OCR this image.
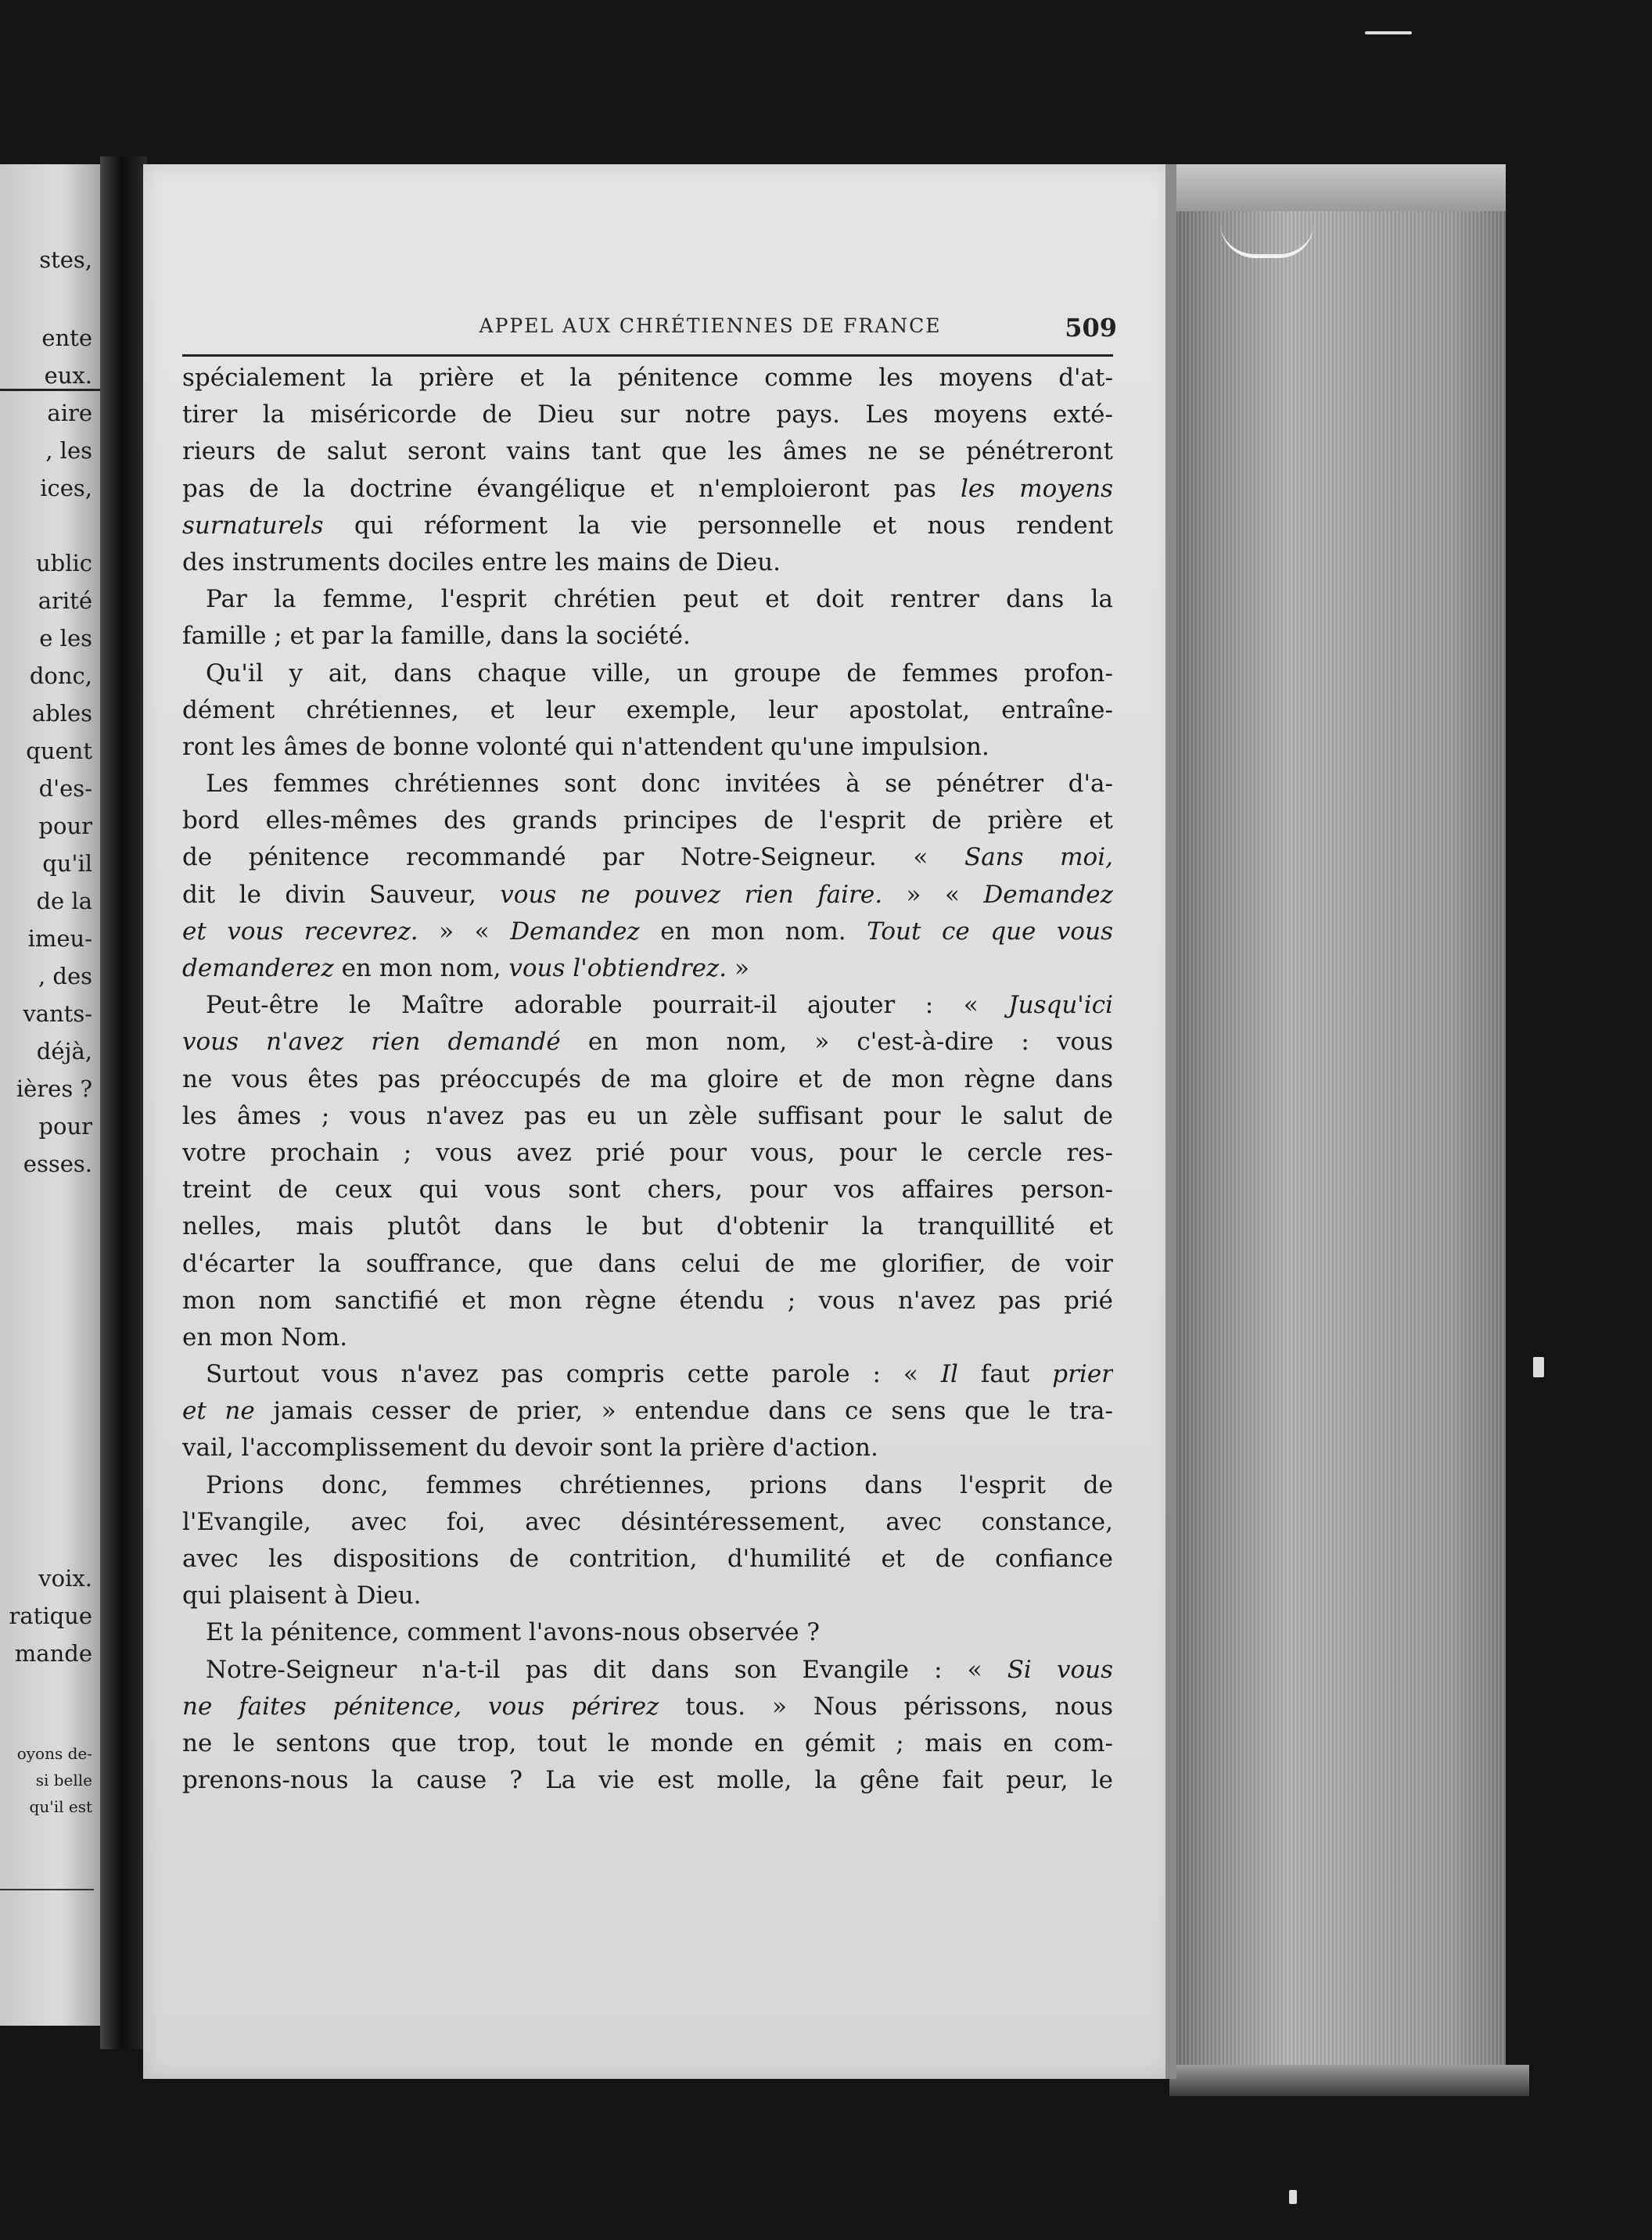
stes,
ente
eux.
aire
, les
ices,
ublic
arité
e les
donc,
ables
quent
d'es-
pour
qu'il
de la
imeu-
, des
vants-
déjà,
ières ?
pour
esses.
voix.
ratique
mande
oyons de-
si belle
qu'il est
APPEL AUX CHRÉTIENNES DE FRANCE	509
spécialement la prière et la pénitence comme les moyens d'at-
tirer la miséricorde de Dieu sur notre pays. Les moyens exté-
rieurs de salut seront vains tant que les âmes ne se pénétreront
pas de la doctrine évangélique et n'emploieront pas les moyens
surnaturels qui réforment la vie personnelle et nous rendent
des instruments dociles entre les mains de Dieu.
Par la femme, l'esprit chrétien peut et doit rentrer dans la
famille ; et par la famille, dans la société.
Qu'il y ait, dans chaque ville, un groupe de femmes profon-
dément chrétiennes, et leur exemple, leur apostolat, entraîne-
ront les âmes de bonne volonté qui n'attendent qu'une impulsion.
Les femmes chrétiennes sont donc invitées à se pénétrer d'a-
bord elles-mêmes des grands principes de l'esprit de prière et
de pénitence recommandé par Notre-Seigneur. « Sans moi,
dit le divin Sauveur, vous ne pouvez rien faire. » « Demandez
et vous recevrez. » « Demandez en mon nom. Tout ce que vous
demanderez en mon nom, vous l'obtiendrez. »
Peut-être le Maître adorable pourrait-il ajouter : « Jusqu'ici
vous n'avez rien demandé en mon nom, » c'est-à-dire : vous
ne vous êtes pas préoccupés de ma gloire et de mon règne dans
les âmes ; vous n'avez pas eu un zèle suffisant pour le salut de
votre prochain ; vous avez prié pour vous, pour le cercle res-
treint de ceux qui vous sont chers, pour vos affaires person-
nelles, mais plutôt dans le but d'obtenir la tranquillité et
d'écarter la souffrance, que dans celui de me glorifier, de voir
mon nom sanctifié et mon règne étendu ; vous n'avez pas prié
en mon Nom.
Surtout vous n'avez pas compris cette parole : « Il faut prier
et ne jamais cesser de prier, » entendue dans ce sens que le tra-
vail, l'accomplissement du devoir sont la prière d'action.
Prions donc, femmes chrétiennes, prions dans l'esprit de
l'Evangile, avec foi, avec désintéressement, avec constance,
avec les dispositions de contrition, d'humilité et de confiance
qui plaisent à Dieu.
Et la pénitence, comment l'avons-nous observée ?
Notre-Seigneur n'a-t-il pas dit dans son Evangile : « Si vous
ne faites pénitence, vous périrez tous. » Nous périssons, nous
ne le sentons que trop, tout le monde en gémit ; mais en com-
prenons-nous la cause ? La vie est molle, la gêne fait peur, le
